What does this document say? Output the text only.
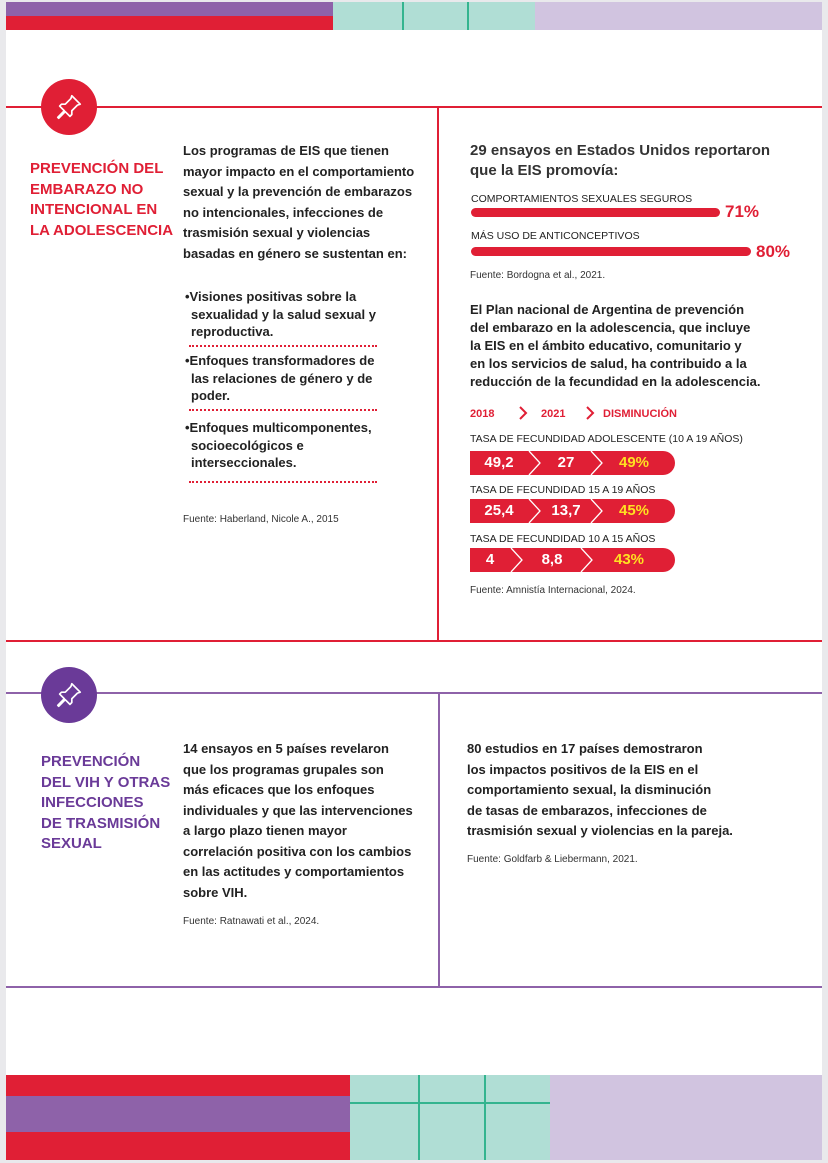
PREVENCIÓN DEL
EMBARAZO NO
INTENCIONAL EN
LA ADOLESCENCIA
Los programas de EIS que tienen
mayor impacto en el comportamiento
sexual y la prevención de embarazos
no intencionales, infecciones de
trasmisión sexual y violencias
basadas en género se sustentan en:
•Visiones positivas sobre la
sexualidad y la salud sexual y
reproductiva.
•Enfoques transformadores de
las relaciones de género y de
poder.
•Enfoques multicomponentes,
socioecológicos e
interseccionales.
Fuente: Haberland, Nicole A., 2015
29 ensayos en Estados Unidos reportaron
que la EIS promovía:
COMPORTAMIENTOS SEXUALES SEGUROS
71%
MÁS USO DE ANTICONCEPTIVOS
80%
Fuente: Bordogna et al., 2021.
El Plan nacional de Argentina de prevención
del embarazo en la adolescencia, que incluye
la EIS en el ámbito educativo, comunitario y
en los servicios de salud, ha contribuido a la
reducción de la fecundidad en la adolescencia.
2018	2021	DISMINUCIÓN
TASA DE FECUNDIDAD ADOLESCENTE (10 A 19 AÑOS)
49,2	27	49%
TASA DE FECUNDIDAD 15 A 19 AÑOS
25,4	13,7	45%
TASA DE FECUNDIDAD 10 A 15 AÑOS
4	8,8	43%
Fuente: Amnistía Internacional, 2024.
PREVENCIÓN
DEL VIH Y OTRAS
INFECCIONES
DE TRASMISIÓN
SEXUAL
14 ensayos en 5 países revelaron
que los programas grupales son
más eficaces que los enfoques
individuales y que las intervenciones
a largo plazo tienen mayor
correlación positiva con los cambios
en las actitudes y comportamientos
sobre VIH.
Fuente: Ratnawati et al., 2024.
80 estudios en 17 países demostraron
los impactos positivos de la EIS en el
comportamiento sexual, la disminución
de tasas de embarazos, infecciones de
trasmisión sexual y violencias en la pareja.
Fuente: Goldfarb & Liebermann, 2021.
